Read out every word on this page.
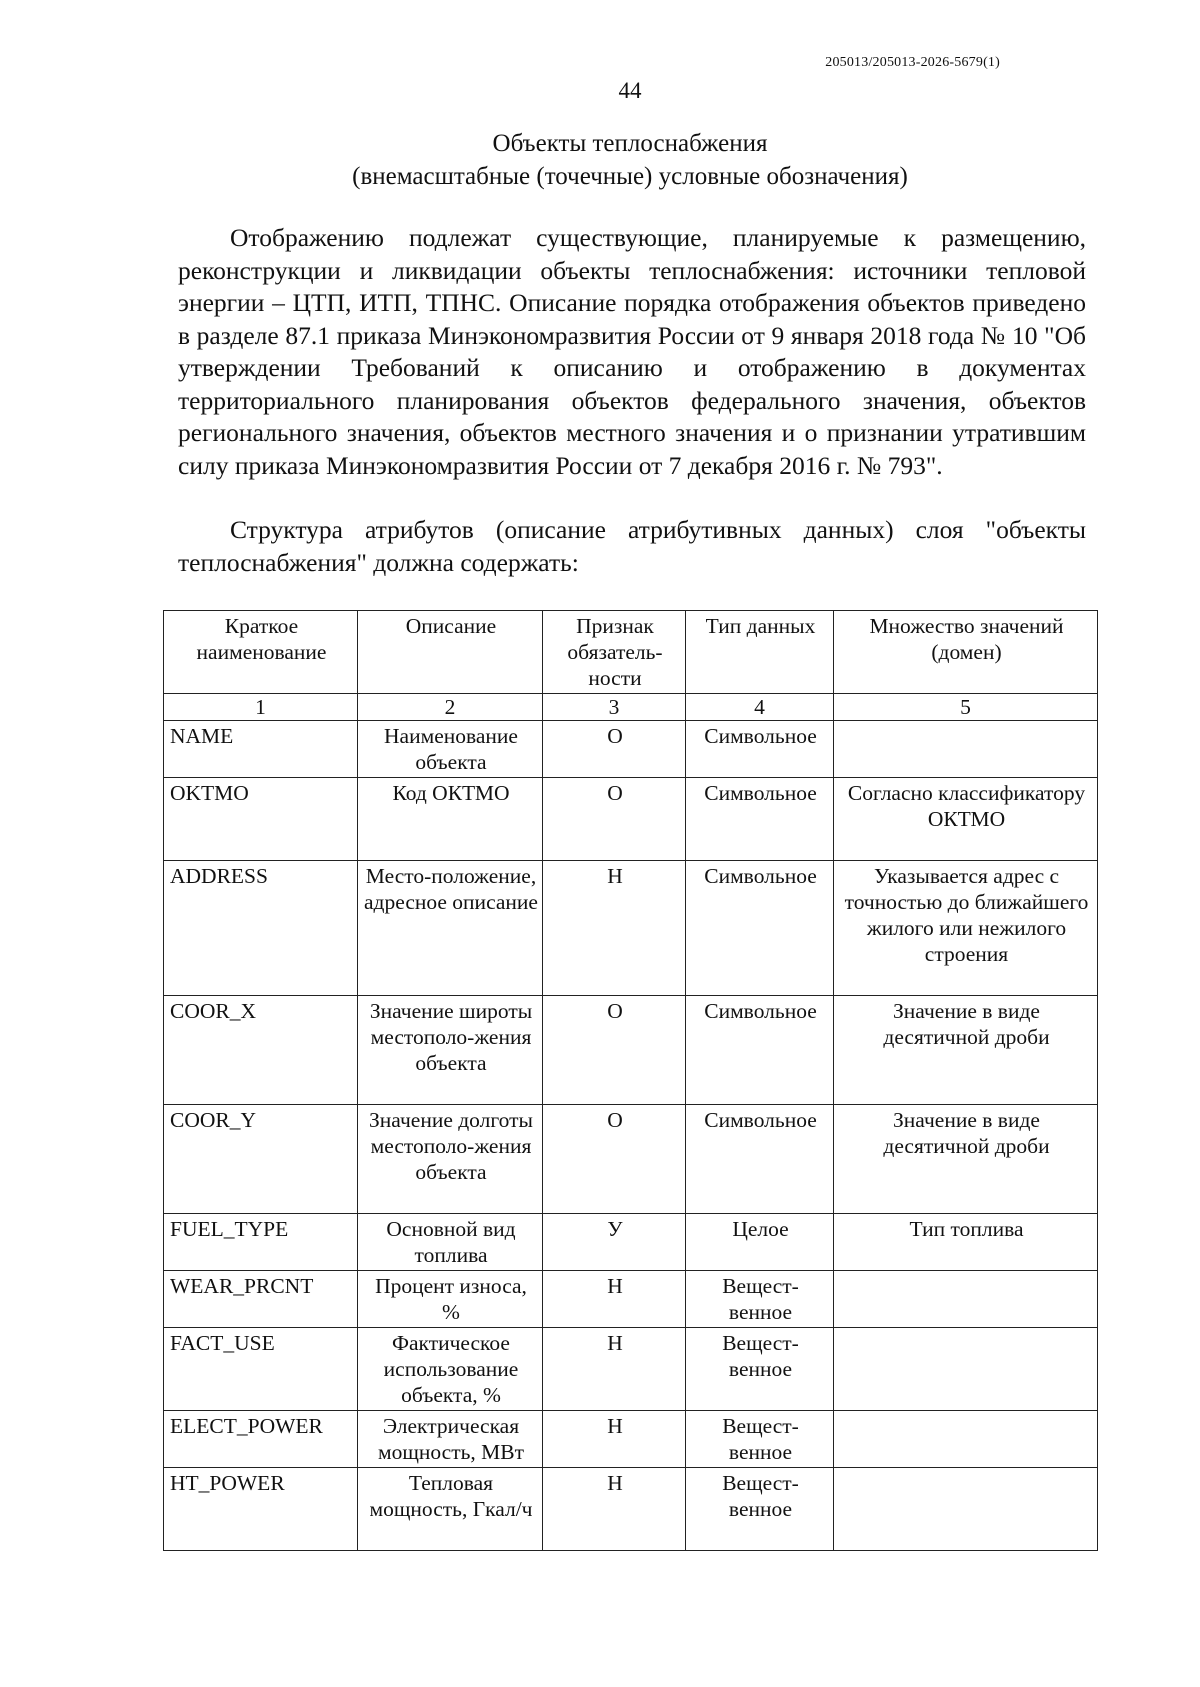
205013/205013-2026-5679(1)
44
Объекты теплоснабжения
(внемасштабные (точечные) условные обозначения)
Отображению подлежат существующие, планируемые к размещению, реконструкции и ликвидации объекты теплоснабжения: источники тепловой энергии – ЦТП, ИТП, ТПНС. Описание порядка отображения объектов приведено в разделе 87.1 приказа Минэкономразвития России от 9 января 2018 года № 10 "Об утверждении Требований к описанию и отображению в документах территориального планирования объектов федерального значения, объектов регионального значения, объектов местного значения и о признании утратившим силу приказа Минэкономразвития России от 7 декабря 2016 г. № 793".
Структура атрибутов (описание атрибутивных данных) слоя "объекты теплоснабжения" должна содержать:
Краткое наименование	Описание	Признак обязатель-ности	Тип данных	Множество значений (домен)
1	2	3	4	5
NAME	Наименование объекта	О	Символьное	
OKTMO	Код ОКТМО	О	Символьное	Согласно классификатору ОКТМО
ADDRESS	Место-положение, адресное описание	Н	Символьное	Указывается адрес с точностью до ближайшего жилого или нежилого строения
COOR_X	Значение широты местополо-жения объекта	О	Символьное	Значение в виде десятичной дроби
COOR_Y	Значение долготы местополо-жения объекта	О	Символьное	Значение в виде десятичной дроби
FUEL_TYPE	Основной вид топлива	У	Целое	Тип топлива
WEAR_PRCNT	Процент износа, %	Н	Вещест-венное	
FACT_USE	Фактическое использование объекта, %	Н	Вещест-венное	
ELECT_POWER	Электрическая мощность, МВт	Н	Вещест-венное	
HT_POWER	Тепловая мощность, Гкал/ч	Н	Вещест-венное	
